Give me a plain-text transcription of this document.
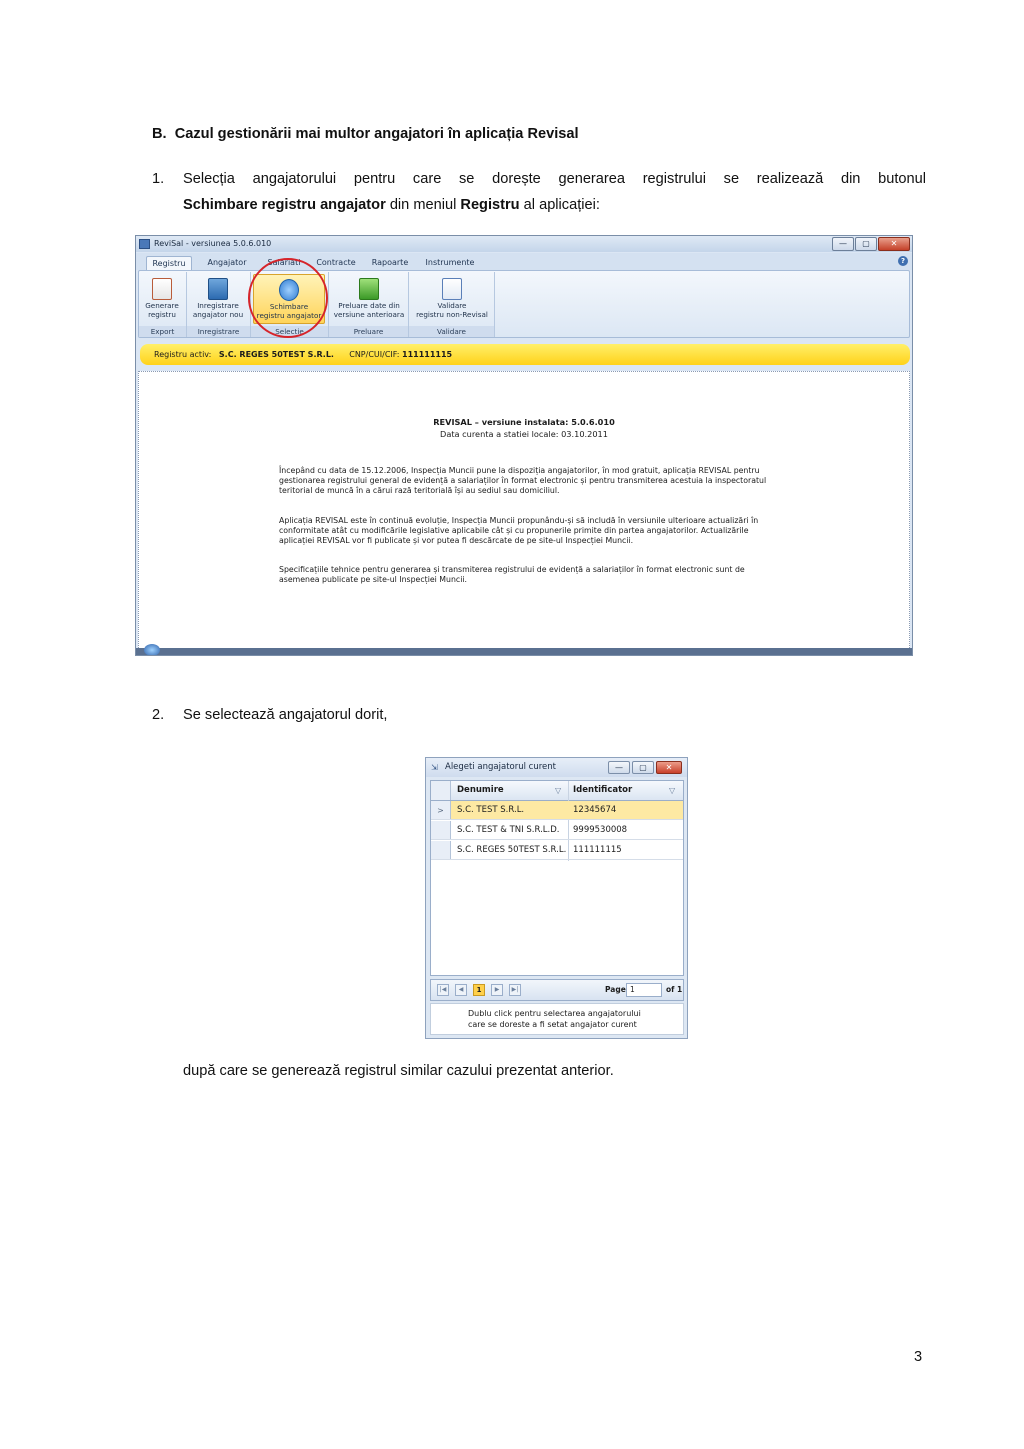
B.  Cazul gestionării mai multor angajatori în aplicația Revisal
1.	Selecția angajatorului pentru care se dorește generarea registrului se realizează din butonul
Schimbare registru angajator din meniul Registru al aplicației:
ReviSal - versiunea 5.0.6.010	—	▢	✕
Registru	Angajator	Salariati	Contracte	Rapoarte	Instrumente	?
Generare
registru
Export
Inregistrare
angajator nou
Inregistrare
Schimbare
registru angajator
Selectie
Preluare date din
versiune anterioara
Preluare
Validare
registru non-Revisal
Validare
Registru activ: S.C. REGES 50TEST S.R.L. CNP/CUI/CIF: 111111115
REVISAL – versiune instalata: 5.0.6.010
Data curenta a statiei locale: 03.10.2011
Începând cu data de 15.12.2006, Inspecția Muncii pune la dispoziția angajatorilor, în mod gratuit, aplicația REVISAL pentru gestionarea registrului general de evidență a salariaților în format electronic și pentru transmiterea acestuia la inspectoratul teritorial de muncă în a cărui rază teritorială își au sediul sau domiciliul.
Aplicația REVISAL este în continuă evoluție, Inspecția Muncii propunându-și să includă în versiunile ulterioare actualizări în conformitate atât cu modificările legislative aplicabile cât și cu propunerile primite din partea angajatorilor. Actualizările aplicației REVISAL vor fi publicate și vor putea fi descărcate de pe site-ul Inspecției Muncii.
Specificațiile tehnice pentru generarea și transmiterea registrului de evidență a salariaților în format electronic sunt de asemenea publicate pe site-ul Inspecției Muncii.
2.	Se selectează angajatorul dorit,
⇲ Alegeti angajatorul curent	—	▢	✕
Denumire	▽	Identificator	▽
>	S.C. TEST S.R.L.	12345674
S.C. TEST & TNI S.R.L.D.	9999530008
S.C. REGES 50TEST S.R.L. 111111115
|◀	◀	1	▶	▶|	Page 1	of 1
Dublu click pentru selectarea angajatorului
care se doreste a fi setat angajator curent
după care se generează registrul similar cazului prezentat anterior.
3
